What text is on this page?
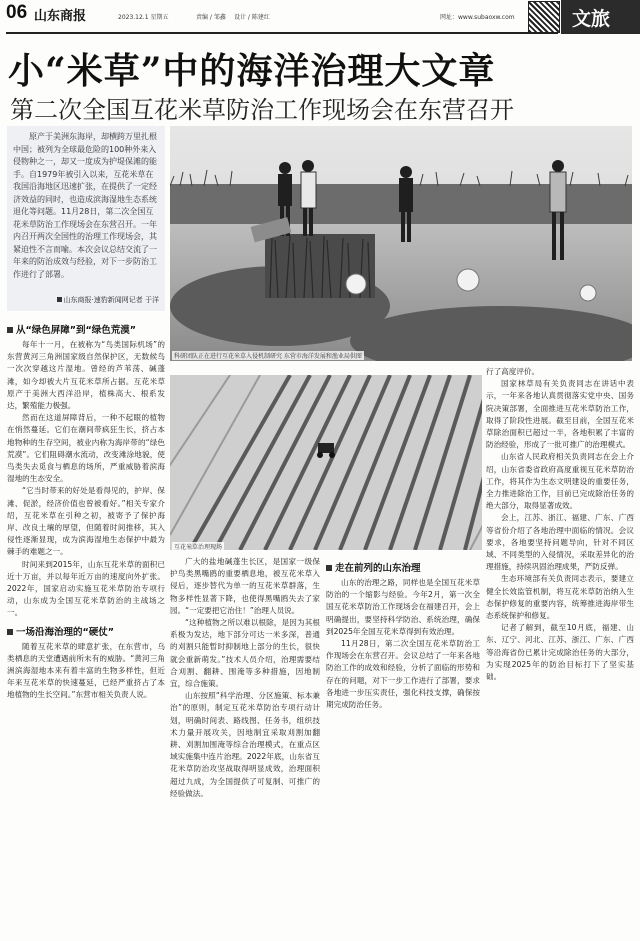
06 山东商报	2023.12.1 星期五	责编 / 邹鑫 设计 / 陈建红	网址：www.subaoxw.com	文旅
小“米草”中的海洋治理大文章
第二次全国互花米草防治工作现场会在东营召开

原产于美洲东海岸，却横跨万里扎根中国；被列为全球最危险的100种外来入侵物种之一，却又一度成为护堤保滩的能手。自1979年被引入以来，互花米草在我国沿海地区迅速扩张，在提供了一定经济效益的同时，也造成滨海湿地生态系统退化等问题。11月28日，第二次全国互花米草防治工作现场会在东营召开。一年内召开两次全国性的治理工作现场会，其紧迫性不言而喻。本次会议总结交流了一年来的防治成效与经验，对下一步防治工作进行了部署。

山东商报·速豹新闻网记者 于洋
科研团队正在进行互花米草入侵机制研究 东营市海洋发展和渔业局供图
互花米草治理现场
从“绿色屏障”到“绿色荒漠”

每年十一月，在被称为“鸟类国际机场”的东营黄河三角洲国家级自然保护区，无数候鸟一次次穿越这片湿地。曾经的芦苇荡、碱蓬滩，如今却被大片互花米草所占据。互花米草原产于美洲大西洋沿岸，植株高大、根系发达，繁殖能力极强。

然而在这道屏障背后，一种不起眼的植物在悄然蔓延。它们在潮间带疯狂生长，挤占本地物种的生存空间，被业内称为海岸带的“绿色荒漠”。它们阻碍潮水流动，改变滩涂地貌，使鸟类失去觅食与栖息的场所，严重威胁着滨海湿地的生态安全。

“它当时带来的好处是看得见的，护岸、保滩、促淤，经济价值也曾被看好。”相关专家介绍，互花米草在引种之初，被寄予了保护海岸、改良土壤的厚望，但随着时间推移，其入侵性逐渐显现，成为滨海湿地生态保护中最为棘手的难题之一。

时间来到2015年，山东互花米草的面积已近十万亩，并以每年近万亩的速度向外扩张。2022年，国家启动实施互花米草防治专项行动，山东成为全国互花米草防治的主战场之一。

一场沿海治理的“硬仗”

随着互花米草的肆意扩张，在东营市，乌类栖息的天堂遭遇前所未有的威胁。“黄河三角洲滨海湿地本来有着丰富的生物多样性，但近年来互花米草的快速蔓延，已经严重挤占了本地植物的生长空间。”东营市相关负责人说。

广大的盐地碱蓬生长区，是国家一级保护鸟类黑嘴鸥的重要栖息地，被互花米草入侵后，逐步替代为单一的互花米草群落，生物多样性显著下降，也使得黑嘴鸥失去了家园。“一定要把它治住！”治理人员说。

“这种植物之所以难以根除，是因为其根系极为发达，地下部分可达一米多深，普通的刈割只能暂时抑制地上部分的生长，很快就会重新萌发。”技术人员介绍，治理需要结合刈割、翻耕、围淹等多种措施，因地制宜，综合施策。

山东按照“科学治理、分区施策、标本兼治”的原则，制定互花米草防治专项行动计划，明确时间表、路线图、任务书，组织技术力量开展攻关，因地制宜采取刈割加翻耕、刈割加围淹等综合治理模式，在重点区域实施集中连片治理。2022年底，山东省互花米草防治攻坚战取得明显成效，治理面积超过九成，为全国提供了可复制、可推广的经验做法。

走在前列的山东治理

山东的治理之路，同样也是全国互花米草防治的一个缩影与经验。今年2月，第一次全国互花米草防治工作现场会在福建召开，会上明确提出，要坚持科学防治、系统治理，确保到2025年全国互花米草得到有效治理。

11月28日，第二次全国互花米草防治工作现场会在东营召开。会议总结了一年来各地防治工作的成效和经验，分析了面临的形势和存在的问题，对下一步工作进行了部署，要求各地进一步压实责任，强化科技支撑，确保按期完成防治任务。

行了高度评价。

国家林草局有关负责同志在讲话中表示，一年来各地认真贯彻落实党中央、国务院决策部署，全面推进互花米草防治工作，取得了阶段性进展。截至目前，全国互花米草除治面积已超过一半，各地积累了丰富的防治经验，形成了一批可推广的治理模式。

山东省人民政府相关负责同志在会上介绍，山东省委省政府高度重视互花米草防治工作，将其作为生态文明建设的重要任务，全力推进除治工作，目前已完成除治任务的绝大部分，取得显著成效。

会上，江苏、浙江、福建、广东、广西等省份介绍了各地治理中面临的情况。会议要求，各地要坚持问题导向，针对不同区域、不同类型的入侵情况，采取差异化的治理措施，持续巩固治理成果，严防反弹。

生态环境部有关负责同志表示，要建立健全长效监管机制，将互花米草防治纳入生态保护修复的重要内容，统筹推进海岸带生态系统保护和修复。

记者了解到，截至10月底，福建、山东、辽宁、河北、江苏、浙江、广东、广西等沿海省份已累计完成除治任务的大部分，为实现2025年的防治目标打下了坚实基础。
